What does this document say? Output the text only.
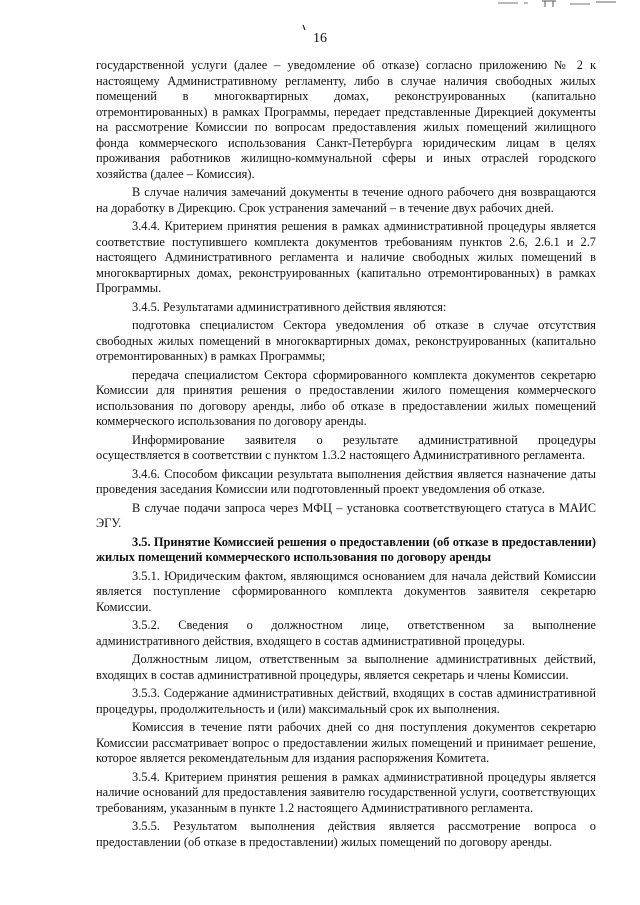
16

государственной услуги (далее – уведомление об отказе) согласно приложению № 2 к настоящему Административному регламенту, либо в случае наличия свободных жилых помещений в многоквартирных домах, реконструированных (капитально отремонтированных) в рамках Программы, передает представленные Дирекцией документы на рассмотрение Комиссии по вопросам предоставления жилых помещений жилищного фонда коммерческого использования Санкт-Петербурга юридическим лицам в целях проживания работников жилищно-коммунальной сферы и иных отраслей городского хозяйства (далее – Комиссия).

В случае наличия замечаний документы в течение одного рабочего дня возвращаются на доработку в Дирекцию. Срок устранения замечаний – в течение двух рабочих дней.

3.4.4. Критерием принятия решения в рамках административной процедуры является соответствие поступившего комплекта документов требованиям пунктов 2.6, 2.6.1 и 2.7 настоящего Административного регламента и наличие свободных жилых помещений в многоквартирных домах, реконструированных (капитально отремонтированных) в рамках Программы.

3.4.5. Результатами административного действия являются:

подготовка специалистом Сектора уведомления об отказе в случае отсутствия свободных жилых помещений в многоквартирных домах, реконструированных (капитально отремонтированных) в рамках Программы;

передача специалистом Сектора сформированного комплекта документов секретарю Комиссии для принятия решения о предоставлении жилого помещения коммерческого использования по договору аренды, либо об отказе в предоставлении жилых помещений коммерческого использования по договору аренды.

Информирование заявителя о результате административной процедуры осуществляется в соответствии с пунктом 1.3.2 настоящего Административного регламента.

3.4.6. Способом фиксации результата выполнения действия является назначение даты проведения заседания Комиссии или подготовленный проект уведомления об отказе.

В случае подачи запроса через МФЦ – установка соответствующего статуса в МАИС ЭГУ.

3.5. Принятие Комиссией решения о предоставлении (об отказе в предоставлении) жилых помещений коммерческого использования по договору аренды

3.5.1. Юридическим фактом, являющимся основанием для начала действий Комиссии является поступление сформированного комплекта документов заявителя секретарю Комиссии.

3.5.2. Сведения о должностном лице, ответственном за выполнение административного действия, входящего в состав административной процедуры.

Должностным лицом, ответственным за выполнение административных действий, входящих в состав административной процедуры, является секретарь и члены Комиссии.

3.5.3. Содержание административных действий, входящих в состав административной процедуры, продолжительность и (или) максимальный срок их выполнения.

Комиссия в течение пяти рабочих дней со дня поступления документов секретарю Комиссии рассматривает вопрос о предоставлении жилых помещений и принимает решение, которое является рекомендательным для издания распоряжения Комитета.

3.5.4. Критерием принятия решения в рамках административной процедуры является наличие оснований для предоставления заявителю государственной услуги, соответствующих требованиям, указанным в пункте 1.2 настоящего Административного регламента.

3.5.5. Результатом выполнения действия является рассмотрение вопроса о предоставлении (об отказе в предоставлении) жилых помещений по договору аренды.
